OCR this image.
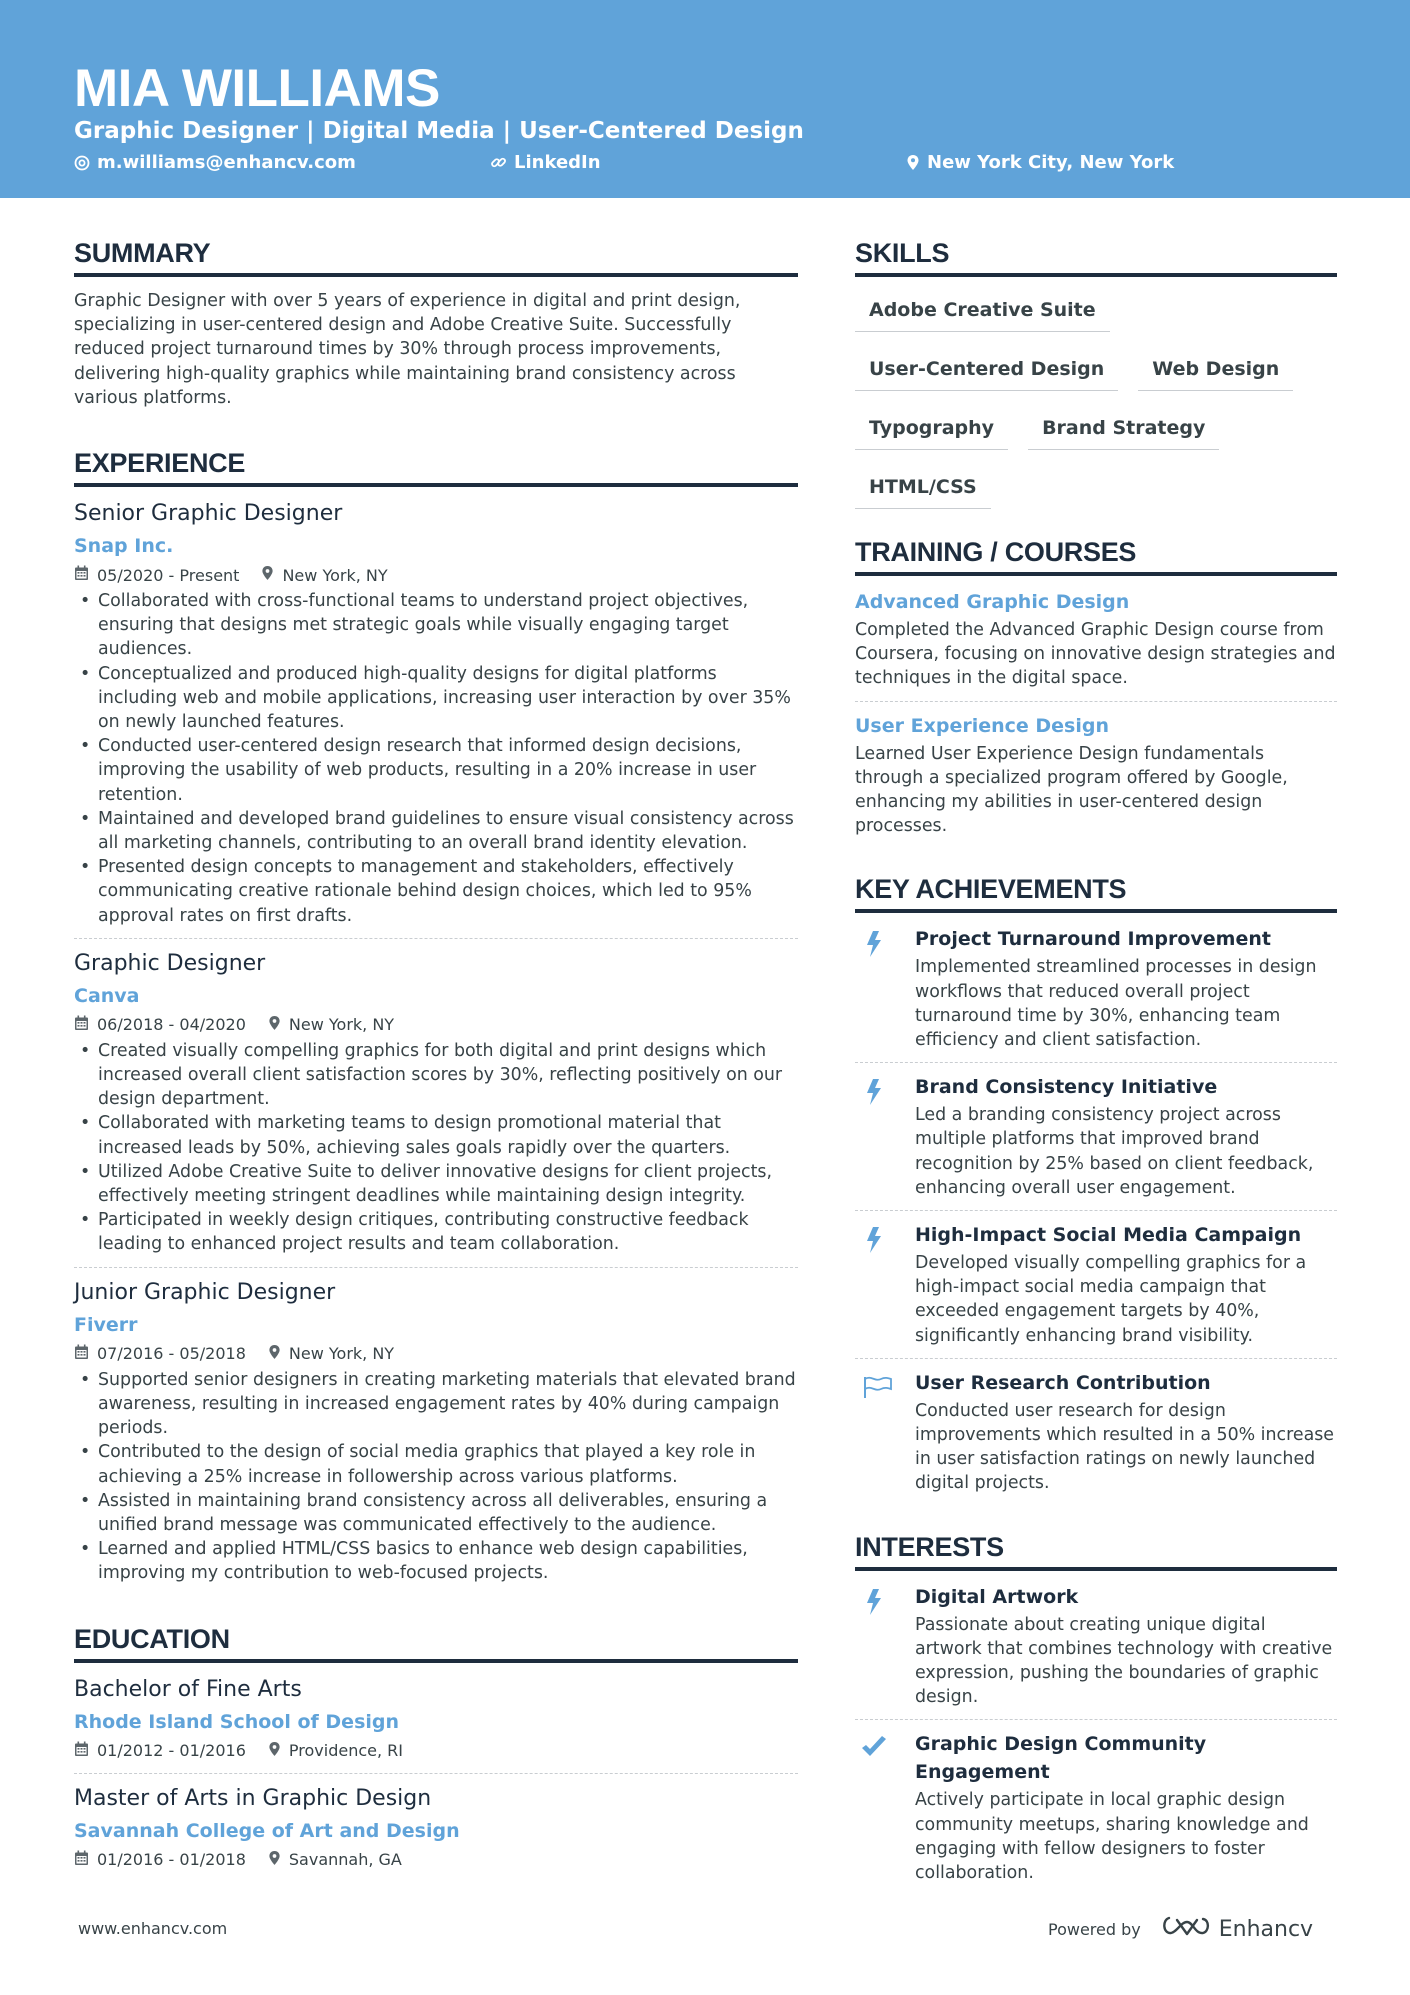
MIA WILLIAMS
Graphic Designer | Digital Media | User-Centered Design
m.williams@enhancv.com	LinkedIn	New York City, New York
SUMMARY

Graphic Designer with over 5 years of experience in digital and print design, specializing in user-centered design and Adobe Creative Suite. Successfully reduced project turnaround times by 30% through process improvements, delivering high-quality graphics while maintaining brand consistency across various platforms.

EXPERIENCE
Senior Graphic Designer
Snap Inc.
05/2020 - Present	New York, NY
• Collaborated with cross-functional teams to understand project objectives, ensuring that designs met strategic goals while visually engaging target audiences.
• Conceptualized and produced high-quality designs for digital platforms including web and mobile applications, increasing user interaction by over 35% on newly launched features.
• Conducted user-centered design research that informed design decisions, improving the usability of web products, resulting in a 20% increase in user retention.
• Maintained and developed brand guidelines to ensure visual consistency across all marketing channels, contributing to an overall brand identity elevation.
• Presented design concepts to management and stakeholders, effectively communicating creative rationale behind design choices, which led to 95% approval rates on first drafts.
Graphic Designer
Canva
06/2018 - 04/2020	New York, NY
• Created visually compelling graphics for both digital and print designs which increased overall client satisfaction scores by 30%, reflecting positively on our design department.
• Collaborated with marketing teams to design promotional material that increased leads by 50%, achieving sales goals rapidly over the quarters.
• Utilized Adobe Creative Suite to deliver innovative designs for client projects, effectively meeting stringent deadlines while maintaining design integrity.
• Participated in weekly design critiques, contributing constructive feedback leading to enhanced project results and team collaboration.
Junior Graphic Designer
Fiverr
07/2016 - 05/2018	New York, NY
• Supported senior designers in creating marketing materials that elevated brand awareness, resulting in increased engagement rates by 40% during campaign periods.
• Contributed to the design of social media graphics that played a key role in achieving a 25% increase in followership across various platforms.
• Assisted in maintaining brand consistency across all deliverables, ensuring a unified brand message was communicated effectively to the audience.
• Learned and applied HTML/CSS basics to enhance web design capabilities, improving my contribution to web-focused projects.
EDUCATION
Bachelor of Fine Arts
Rhode Island School of Design
01/2012 - 01/2016	Providence, RI
Master of Arts in Graphic Design
Savannah College of Art and Design
01/2016 - 01/2018	Savannah, GA
SKILLS
Adobe Creative Suite
User-Centered Design	Web Design
Typography	Brand Strategy
HTML/CSS
TRAINING / COURSES
Advanced Graphic Design

Completed the Advanced Graphic Design course from Coursera, focusing on innovative design strategies and techniques in the digital space.

User Experience Design

Learned User Experience Design fundamentals through a specialized program offered by Google, enhancing my abilities in user-centered design processes.

KEY ACHIEVEMENTS
Project Turnaround Improvement

Implemented streamlined processes in design workflows that reduced overall project turnaround time by 30%, enhancing team efficiency and client satisfaction.

Brand Consistency Initiative

Led a branding consistency project across multiple platforms that improved brand recognition by 25% based on client feedback, enhancing overall user engagement.

High-Impact Social Media Campaign

Developed visually compelling graphics for a high-impact social media campaign that exceeded engagement targets by 40%, significantly enhancing brand visibility.

User Research Contribution

Conducted user research for design improvements which resulted in a 50% increase in user satisfaction ratings on newly launched digital projects.

INTERESTS
Digital Artwork

Passionate about creating unique digital artwork that combines technology with creative expression, pushing the boundaries of graphic design.

Graphic Design Community Engagement

Actively participate in local graphic design community meetups, sharing knowledge and engaging with fellow designers to foster collaboration.

www.enhancv.com	Powered by	Enhancv
